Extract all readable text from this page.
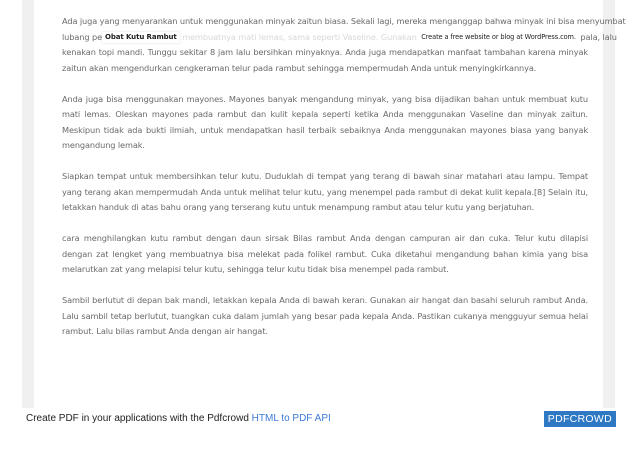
Ada juga yang menyarankan untuk menggunakan minyak zaitun biasa. Sekali lagi, mereka menganggap bahwa minyak ini bisa menyumbat
lubang pe Obat Kutu Rambut membuatnya mati lemas, sama seperti Vaseline. Gunakan Create a free website or blog at WordPress.com. pala, lalu

kenakan topi mandi. Tunggu sekitar 8 jam lalu bersihkan minyaknya. Anda juga mendapatkan manfaat tambahan karena minyak zaitun akan mengendurkan cengkeraman telur pada rambut sehingga mempermudah Anda untuk menyingkirkannya.

Anda juga bisa menggunakan mayones. Mayones banyak mengandung minyak, yang bisa dijadikan bahan untuk membuat kutu mati lemas. Oleskan mayones pada rambut dan kulit kepala seperti ketika Anda menggunakan Vaseline dan minyak zaitun. Meskipun tidak ada bukti ilmiah, untuk mendapatkan hasil terbaik sebaiknya Anda menggunakan mayones biasa yang banyak mengandung lemak.

Siapkan tempat untuk membersihkan telur kutu. Duduklah di tempat yang terang di bawah sinar matahari atau lampu. Tempat yang terang akan mempermudah Anda untuk melihat telur kutu, yang menempel pada rambut di dekat kulit kepala.[8] Selain itu, letakkan handuk di atas bahu orang yang terserang kutu untuk menampung rambut atau telur kutu yang berjatuhan.

cara menghilangkan kutu rambut dengan daun sirsak Bilas rambut Anda dengan campuran air dan cuka. Telur kutu dilapisi dengan zat lengket yang membuatnya bisa melekat pada folikel rambut. Cuka diketahui mengandung bahan kimia yang bisa melarutkan zat yang melapisi telur kutu, sehingga telur kutu tidak bisa menempel pada rambut.

Sambil berlutut di depan bak mandi, letakkan kepala Anda di bawah keran. Gunakan air hangat dan basahi seluruh rambut Anda. Lalu sambil tetap berlutut, tuangkan cuka dalam jumlah yang besar pada kepala Anda. Pastikan cukanya mengguyur semua helai rambut. Lalu bilas rambut Anda dengan air hangat.

Create PDF in your applications with the Pdfcrowd HTML to PDF API	PDFCROWD
